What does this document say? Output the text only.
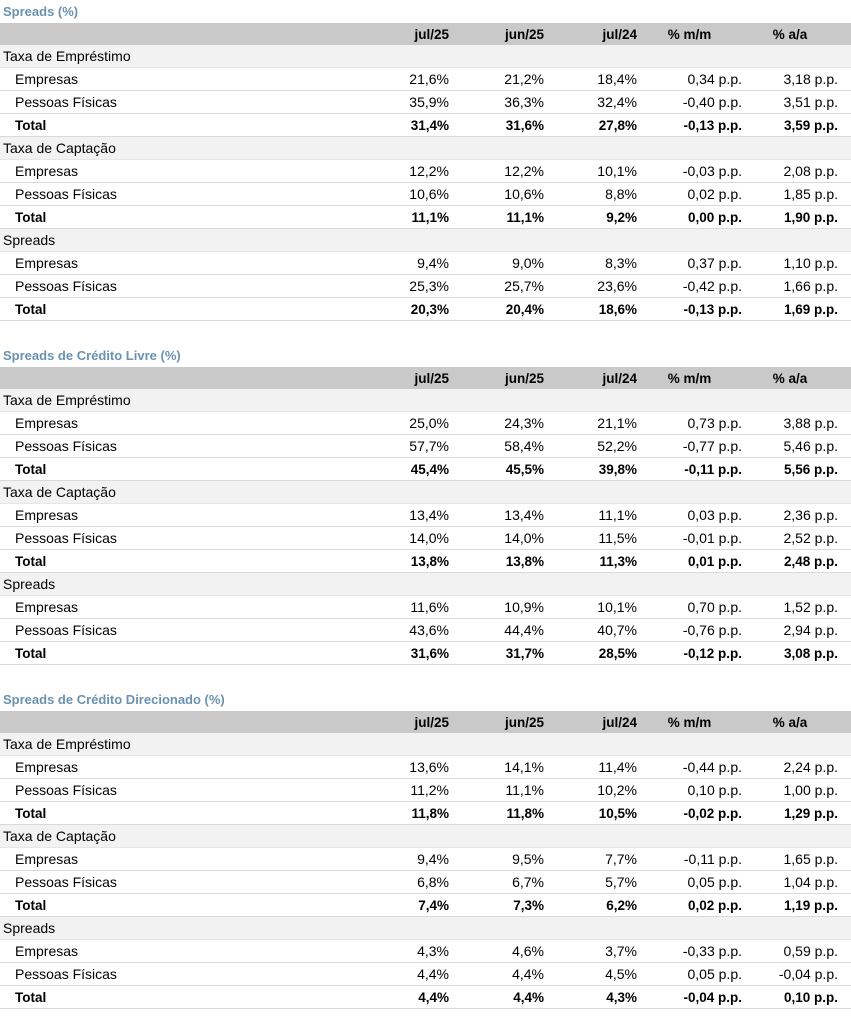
Spreads (%)
jul/25	jun/25	jul/24	% m/m	% a/a
Taxa de Empréstimo
Empresas	21,6%	21,2%	18,4%	0,34 p.p.	3,18 p.p.
Pessoas Físicas	35,9%	36,3%	32,4%	-0,40 p.p.	3,51 p.p.
Total	31,4%	31,6%	27,8%	-0,13 p.p.	3,59 p.p.
Taxa de Captação
Empresas	12,2%	12,2%	10,1%	-0,03 p.p.	2,08 p.p.
Pessoas Físicas	10,6%	10,6%	8,8%	0,02 p.p.	1,85 p.p.
Total	11,1%	11,1%	9,2%	0,00 p.p.	1,90 p.p.
Spreads
Empresas	9,4%	9,0%	8,3%	0,37 p.p.	1,10 p.p.
Pessoas Físicas	25,3%	25,7%	23,6%	-0,42 p.p.	1,66 p.p.
Total	20,3%	20,4%	18,6%	-0,13 p.p.	1,69 p.p.
Spreads de Crédito Livre (%)
jul/25	jun/25	jul/24	% m/m	% a/a
Taxa de Empréstimo
Empresas	25,0%	24,3%	21,1%	0,73 p.p.	3,88 p.p.
Pessoas Físicas	57,7%	58,4%	52,2%	-0,77 p.p.	5,46 p.p.
Total	45,4%	45,5%	39,8%	-0,11 p.p.	5,56 p.p.
Taxa de Captação
Empresas	13,4%	13,4%	11,1%	0,03 p.p.	2,36 p.p.
Pessoas Físicas	14,0%	14,0%	11,5%	-0,01 p.p.	2,52 p.p.
Total	13,8%	13,8%	11,3%	0,01 p.p.	2,48 p.p.
Spreads
Empresas	11,6%	10,9%	10,1%	0,70 p.p.	1,52 p.p.
Pessoas Físicas	43,6%	44,4%	40,7%	-0,76 p.p.	2,94 p.p.
Total	31,6%	31,7%	28,5%	-0,12 p.p.	3,08 p.p.
Spreads de Crédito Direcionado (%)
jul/25	jun/25	jul/24	% m/m	% a/a
Taxa de Empréstimo
Empresas	13,6%	14,1%	11,4%	-0,44 p.p.	2,24 p.p.
Pessoas Físicas	11,2%	11,1%	10,2%	0,10 p.p.	1,00 p.p.
Total	11,8%	11,8%	10,5%	-0,02 p.p.	1,29 p.p.
Taxa de Captação
Empresas	9,4%	9,5%	7,7%	-0,11 p.p.	1,65 p.p.
Pessoas Físicas	6,8%	6,7%	5,7%	0,05 p.p.	1,04 p.p.
Total	7,4%	7,3%	6,2%	0,02 p.p.	1,19 p.p.
Spreads
Empresas	4,3%	4,6%	3,7%	-0,33 p.p.	0,59 p.p.
Pessoas Físicas	4,4%	4,4%	4,5%	0,05 p.p.	-0,04 p.p.
Total	4,4%	4,4%	4,3%	-0,04 p.p.	0,10 p.p.
